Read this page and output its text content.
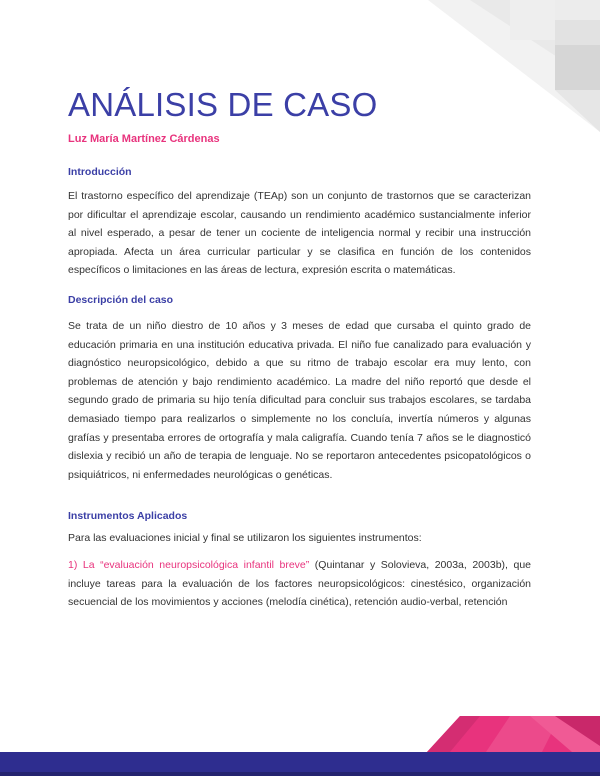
ANÁLISIS DE CASO
Luz María Martínez Cárdenas
Introducción
El trastorno específico del aprendizaje (TEAp) son un conjunto de trastornos que se caracterizan por dificultar el aprendizaje escolar, causando un rendimiento académico sustancialmente inferior al nivel esperado, a pesar de tener un cociente de inteligencia normal y recibir una instrucción apropiada. Afecta un área curricular particular y se clasifica en función de los contenidos específicos o limitaciones en las áreas de lectura, expresión escrita o matemáticas.
Descripción del caso
Se trata de un niño diestro de 10 años y 3 meses de edad que cursaba el quinto grado de educación primaria en una institución educativa privada. El niño fue canalizado para evaluación y diagnóstico neuropsicológico, debido a que su ritmo de trabajo escolar era muy lento, con problemas de atención y bajo rendimiento académico. La madre del niño reportó que desde el segundo grado de primaria su hijo tenía dificultad para concluir sus trabajos escolares, se tardaba demasiado tiempo para realizarlos o simplemente no los concluía, invertía números y algunas grafías y presentaba errores de ortografía y mala caligrafía. Cuando tenía 7 años se le diagnosticó dislexia y recibió un año de terapia de lenguaje. No se reportaron antecedentes psicopatológicos o psiquiátricos, ni enfermedades neurológicas o genéticas.
Instrumentos Aplicados
Para las evaluaciones inicial y final se utilizaron los siguientes instrumentos:
1) La “evaluación neuropsicológica infantil breve” (Quintanar y Solovieva, 2003a, 2003b), que incluye tareas para la evaluación de los factores neuropsicológicos: cinestésico, organización secuencial de los movimientos y acciones (melodía cinética), retención audio-verbal, retención
